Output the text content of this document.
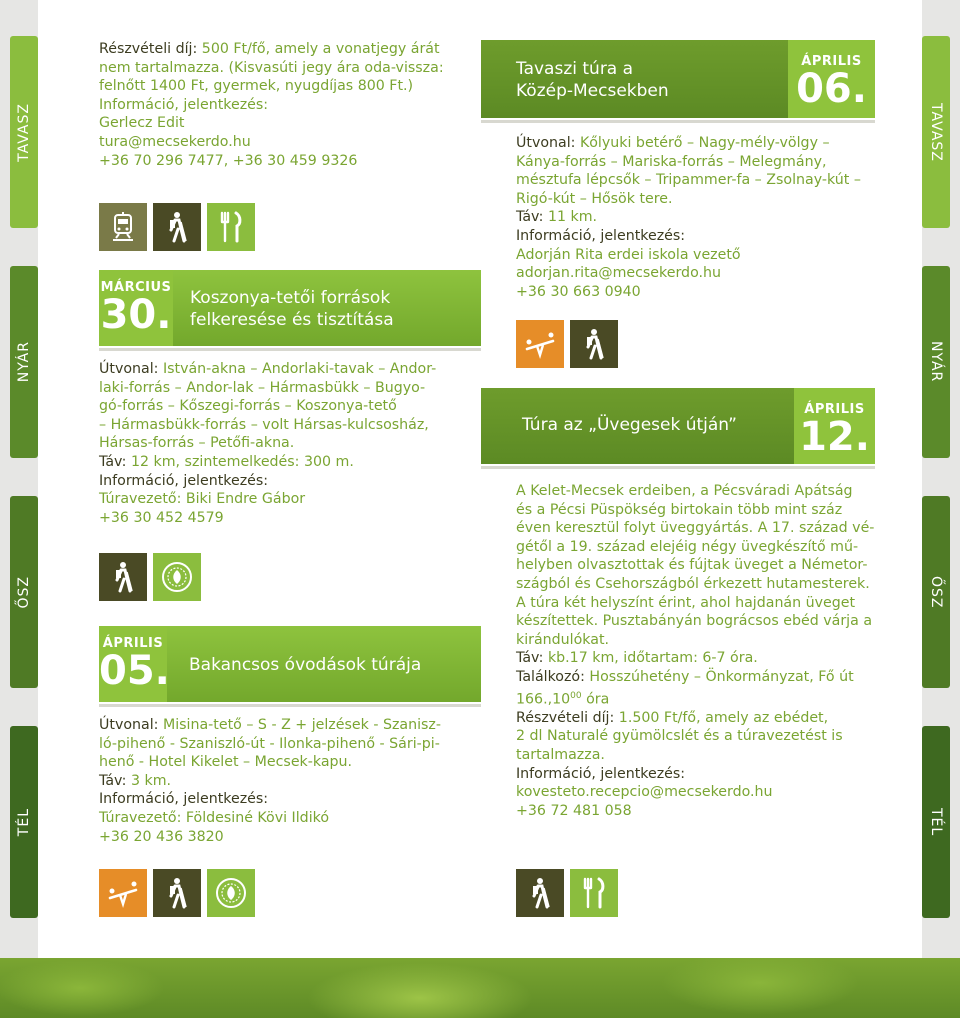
TAVASZ
NYÁR
ŐSZ
TÉL
TAVASZ
NYÁR
ŐSZ
TÉL

Részvételi díj: 500 Ft/fő, amely a vonatjegy árát

nem tartalmazza. (Kisvasúti jegy ára oda-vissza:

felnőtt 1400 Ft, gyermek, nyugdíjas 800 Ft.)

Információ, jelentkezés:

Gerlecz Edit

tura@mecsekerdo.hu

+36 70 296 7477, +36 30 459 9326

MÁRCIUS
30. Koszonya-tetői források
felkeresése és tisztítása

Útvonal: István-akna – Andorlaki-tavak – Andor-

laki-forrás – Andor-lak – Hármasbükk – Bugyo-

gó-forrás – Kőszegi-forrás – Koszonya-tető

– Hármasbükk-forrás – volt Hársas-kulcsosház,

Hársas-forrás – Petőfi-akna.

Táv: 12 km, szintemelkedés: 300 m.

Információ, jelentkezés:

Túravezető: Biki Endre Gábor

+36 30 452 4579

ÁPRILIS
05. Bakancsos óvodások túrája

Útvonal: Misina-tető – S - Z + jelzések - Szanisz-

ló-pihenő - Szaniszló-út - Ilonka-pihenő - Sári-pi-

henő - Hotel Kikelet – Mecsek-kapu.

Táv: 3 km.

Információ, jelentkezés:

Túravezető: Földesiné Kövi Ildikó

+36 20 436 3820

ÁPRILIS
06.
Tavaszi túra a
Közép-Mecsekben

Útvonal: Kőlyuki betérő – Nagy-mély-völgy –

Kánya-forrás – Mariska-forrás – Melegmány,

mésztufa lépcsők – Tripammer-fa – Zsolnay-kút –

Rigó-kút – Hősök tere.

Táv: 11 km.

Információ, jelentkezés:

Adorján Rita erdei iskola vezető

adorjan.rita@mecsekerdo.hu

+36 30 663 0940

ÁPRILIS
12.
Túra az „Üvegesek útján”

A Kelet-Mecsek erdeiben, a Pécsváradi Apátság

és a Pécsi Püspökség birtokain több mint száz

éven keresztül folyt üveggyártás. A 17. század vé-

gétől a 19. század elejéig négy üvegkészítő mű-

helyben olvasztottak és fújtak üveget a Németor-

szágból és Csehországból érkezett hutamesterek.

A túra két helyszínt érint, ahol hajdanán üveget

készítettek. Pusztabányán bográcsos ebéd várja a

kirándulókat.

Táv: kb.17 km, időtartam: 6-7 óra.

Találkozó: Hosszúhetény – Önkormányzat, Fő út

166.,10$^{00}$ óra

Részvételi díj: 1.500 Ft/fő, amely az ebédet,

2 dl Naturalé gyümölcslét és a túravezetést is

tartalmazza.

Információ, jelentkezés:

kovesteto.recepcio@mecsekerdo.hu

+36 72 481 058
